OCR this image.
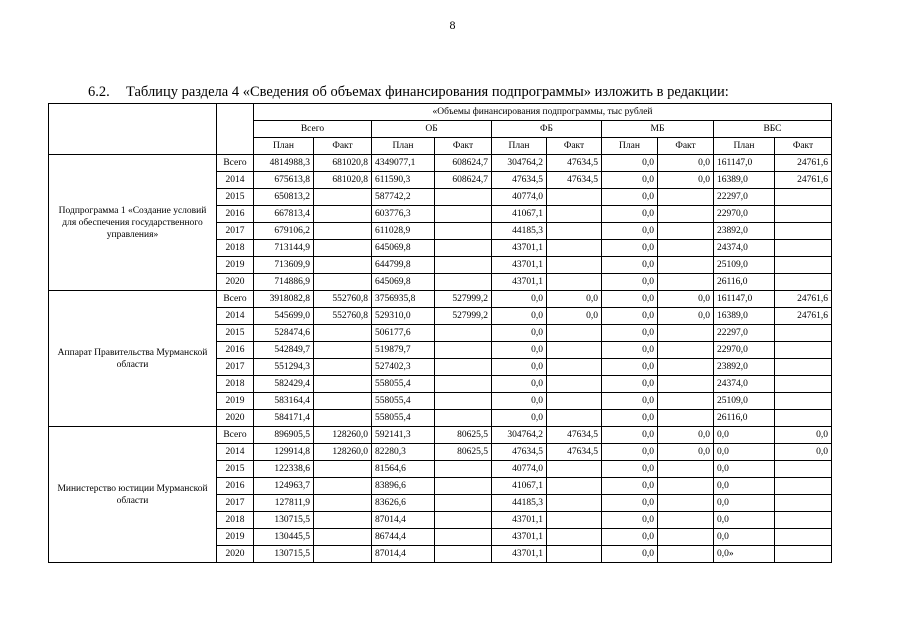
8
6.2. Таблицу раздела 4 «Сведения об объемах финансирования подпрограммы» изложить в редакции:
		«Объемы финансирования подпрограммы, тыс рублей									
		Всего		ОБ		ФБ		МБ		ВБС	
		План	Факт	План	Факт	План	Факт	План	Факт	План	Факт
Подпрограмма 1 «Создание условий для обеспечения государственного управления»	Всего	4814988,3	681020,8	4349077,1	608624,7	304764,2	47634,5	0,0	0,0	161147,0	24761,6
	2014	675613,8	681020,8	611590,3	608624,7	47634,5	47634,5	0,0	0,0	16389,0	24761,6
	2015	650813,2		587742,2		40774,0		0,0		22297,0	
	2016	667813,4		603776,3		41067,1		0,0		22970,0	
	2017	679106,2		611028,9		44185,3		0,0		23892,0	
	2018	713144,9		645069,8		43701,1		0,0		24374,0	
	2019	713609,9		644799,8		43701,1		0,0		25109,0	
	2020	714886,9		645069,8		43701,1		0,0		26116,0	
Аппарат Правительства Мурманской области	Всего	3918082,8	552760,8	3756935,8	527999,2	0,0	0,0	0,0	0,0	161147,0	24761,6
	2014	545699,0	552760,8	529310,0	527999,2	0,0	0,0	0,0	0,0	16389,0	24761,6
	2015	528474,6		506177,6		0,0		0,0		22297,0	
	2016	542849,7		519879,7		0,0		0,0		22970,0	
	2017	551294,3		527402,3		0,0		0,0		23892,0	
	2018	582429,4		558055,4		0,0		0,0		24374,0	
	2019	583164,4		558055,4		0,0		0,0		25109,0	
	2020	584171,4		558055,4		0,0		0,0		26116,0	
Министерство юстиции Мурманской области	Всего	896905,5	128260,0	592141,3	80625,5	304764,2	47634,5	0,0	0,0	0,0	0,0
	2014	129914,8	128260,0	82280,3	80625,5	47634,5	47634,5	0,0	0,0	0,0	0,0
	2015	122338,6		81564,6		40774,0		0,0		0,0	
	2016	124963,7		83896,6		41067,1		0,0		0,0	
	2017	127811,9		83626,6		44185,3		0,0		0,0	
	2018	130715,5		87014,4		43701,1		0,0		0,0	
	2019	130445,5		86744,4		43701,1		0,0		0,0	
	2020	130715,5		87014,4		43701,1		0,0		0,0»	
